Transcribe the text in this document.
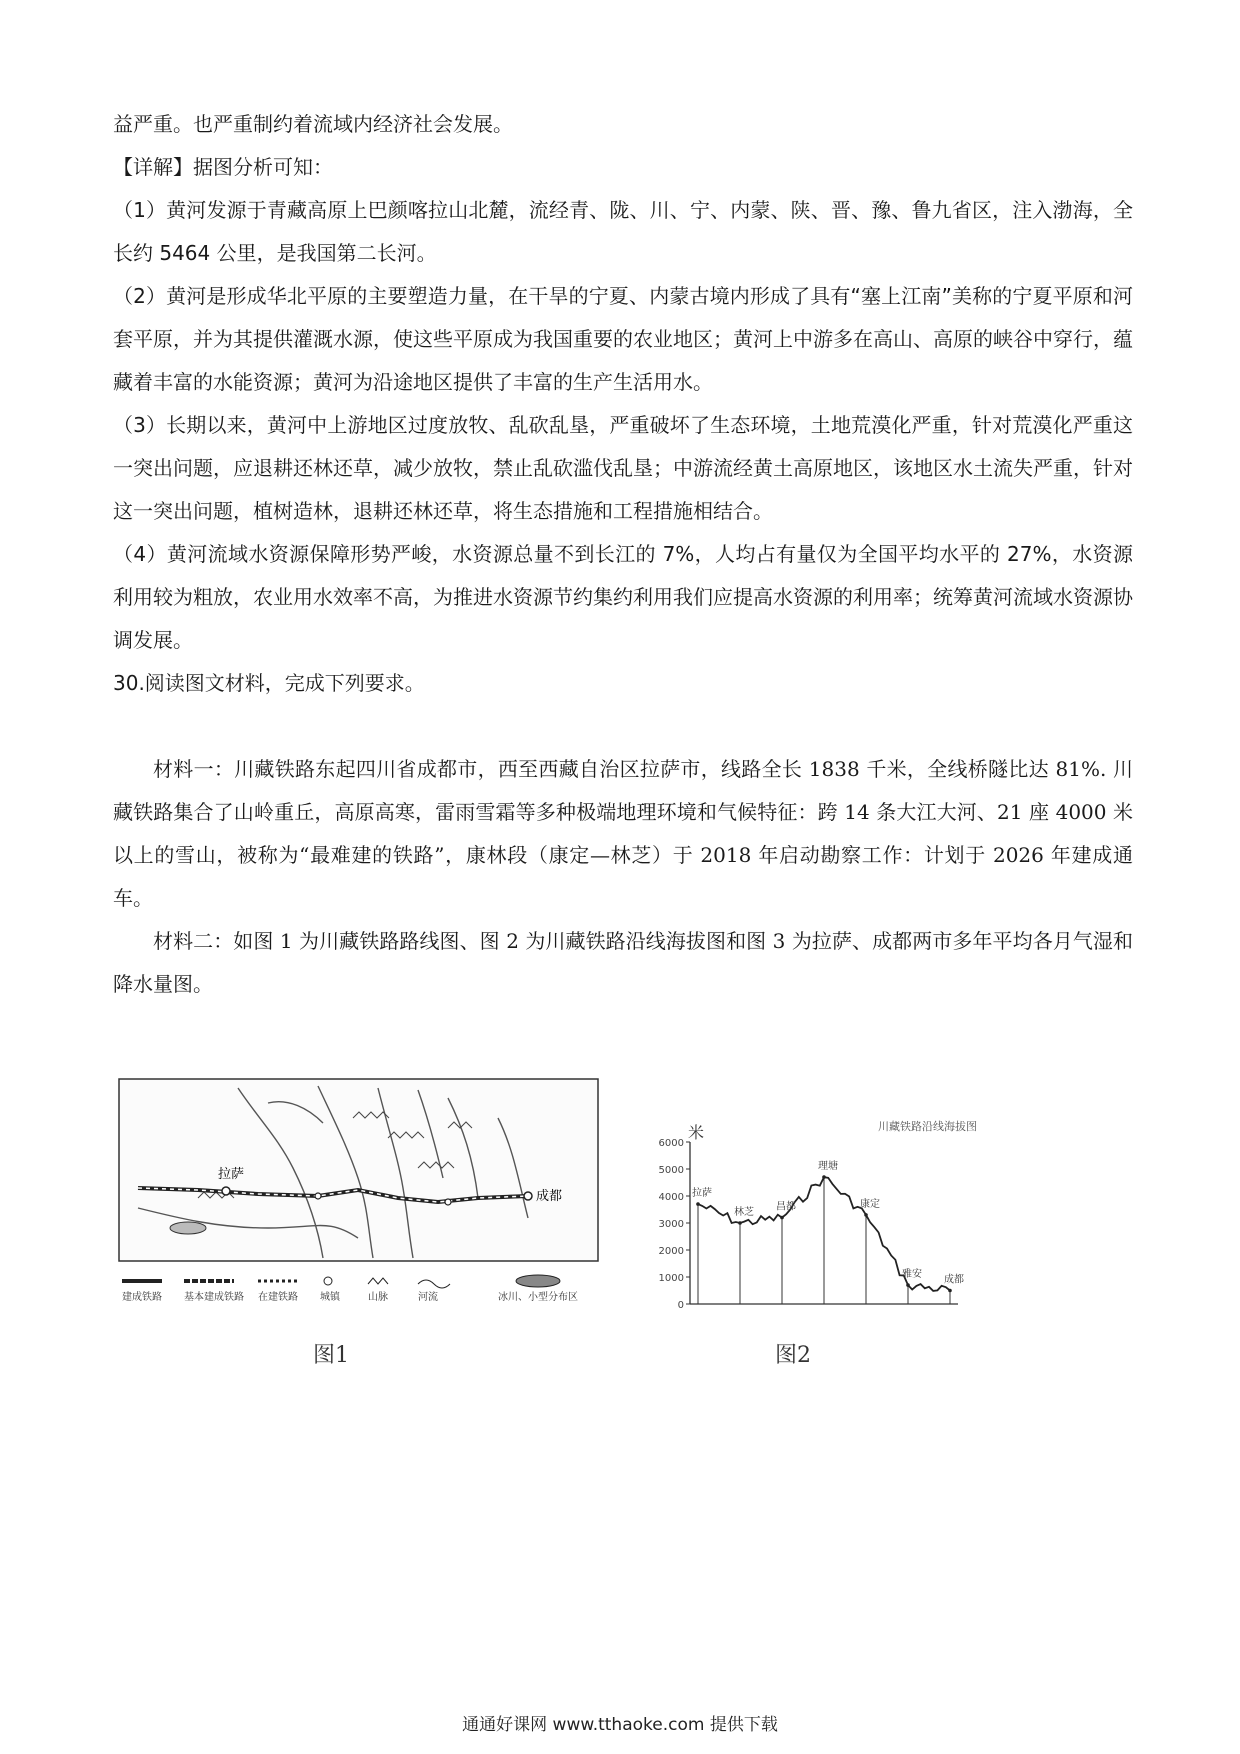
益严重。也严重制约着流域内经济社会发展。

【详解】据图分析可知：

（1）黄河发源于青藏高原上巴颜喀拉山北麓，流经青、陇、川、宁、内蒙、陕、晋、豫、鲁九省区，注入渤海，全长约 5464 公里，是我国第二长河。

（2）黄河是形成华北平原的主要塑造力量，在干旱的宁夏、内蒙古境内形成了具有“塞上江南”美称的宁夏平原和河套平原，并为其提供灌溉水源，使这些平原成为我国重要的农业地区；黄河上中游多在高山、高原的峡谷中穿行，蕴藏着丰富的水能资源；黄河为沿途地区提供了丰富的生产生活用水。

（3）长期以来，黄河中上游地区过度放牧、乱砍乱垦，严重破坏了生态环境，土地荒漠化严重，针对荒漠化严重这一突出问题，应退耕还林还草，减少放牧，禁止乱砍滥伐乱垦；中游流经黄土高原地区，该地区水土流失严重，针对这一突出问题，植树造林，退耕还林还草，将生态措施和工程措施相结合。

（4）黄河流域水资源保障形势严峻，水资源总量不到长江的 7%，人均占有量仅为全国平均水平的 27%，水资源利用较为粗放，农业用水效率不高，为推进水资源节约集约利用我们应提高水资源的利用率；统筹黄河流域水资源协调发展。

30.阅读图文材料，完成下列要求。

材料一：川藏铁路东起四川省成都市，西至西藏自治区拉萨市，线路全长 1838 千米，全线桥隧比达 81%. 川藏铁路集合了山岭重丘，高原高寒，雷雨雪霜等多种极端地理环境和气候特征：跨 14 条大江大河、21 座 4000 米以上的雪山，被称为“最难建的铁路”，康林段（康定—林芝）于 2018 年启动勘察工作：计划于 2026 年建成通车。

材料二：如图 1 为川藏铁路路线图、图 2 为川藏铁路沿线海拔图和图 3 为拉萨、成都两市多年平均各月气湿和降水量图。

拉萨
成都
建成铁路 基本建成铁路 在建铁路 城镇	山脉	河流	冰川、小型分布区
图1
川藏铁路沿线海拔图
米
6000
5000
4000
3000
2000
1000
0
拉萨
林芝 昌都
理塘
康定
雅安 成都
图2
通通好课网 www.tthaoke.com 提供下载
